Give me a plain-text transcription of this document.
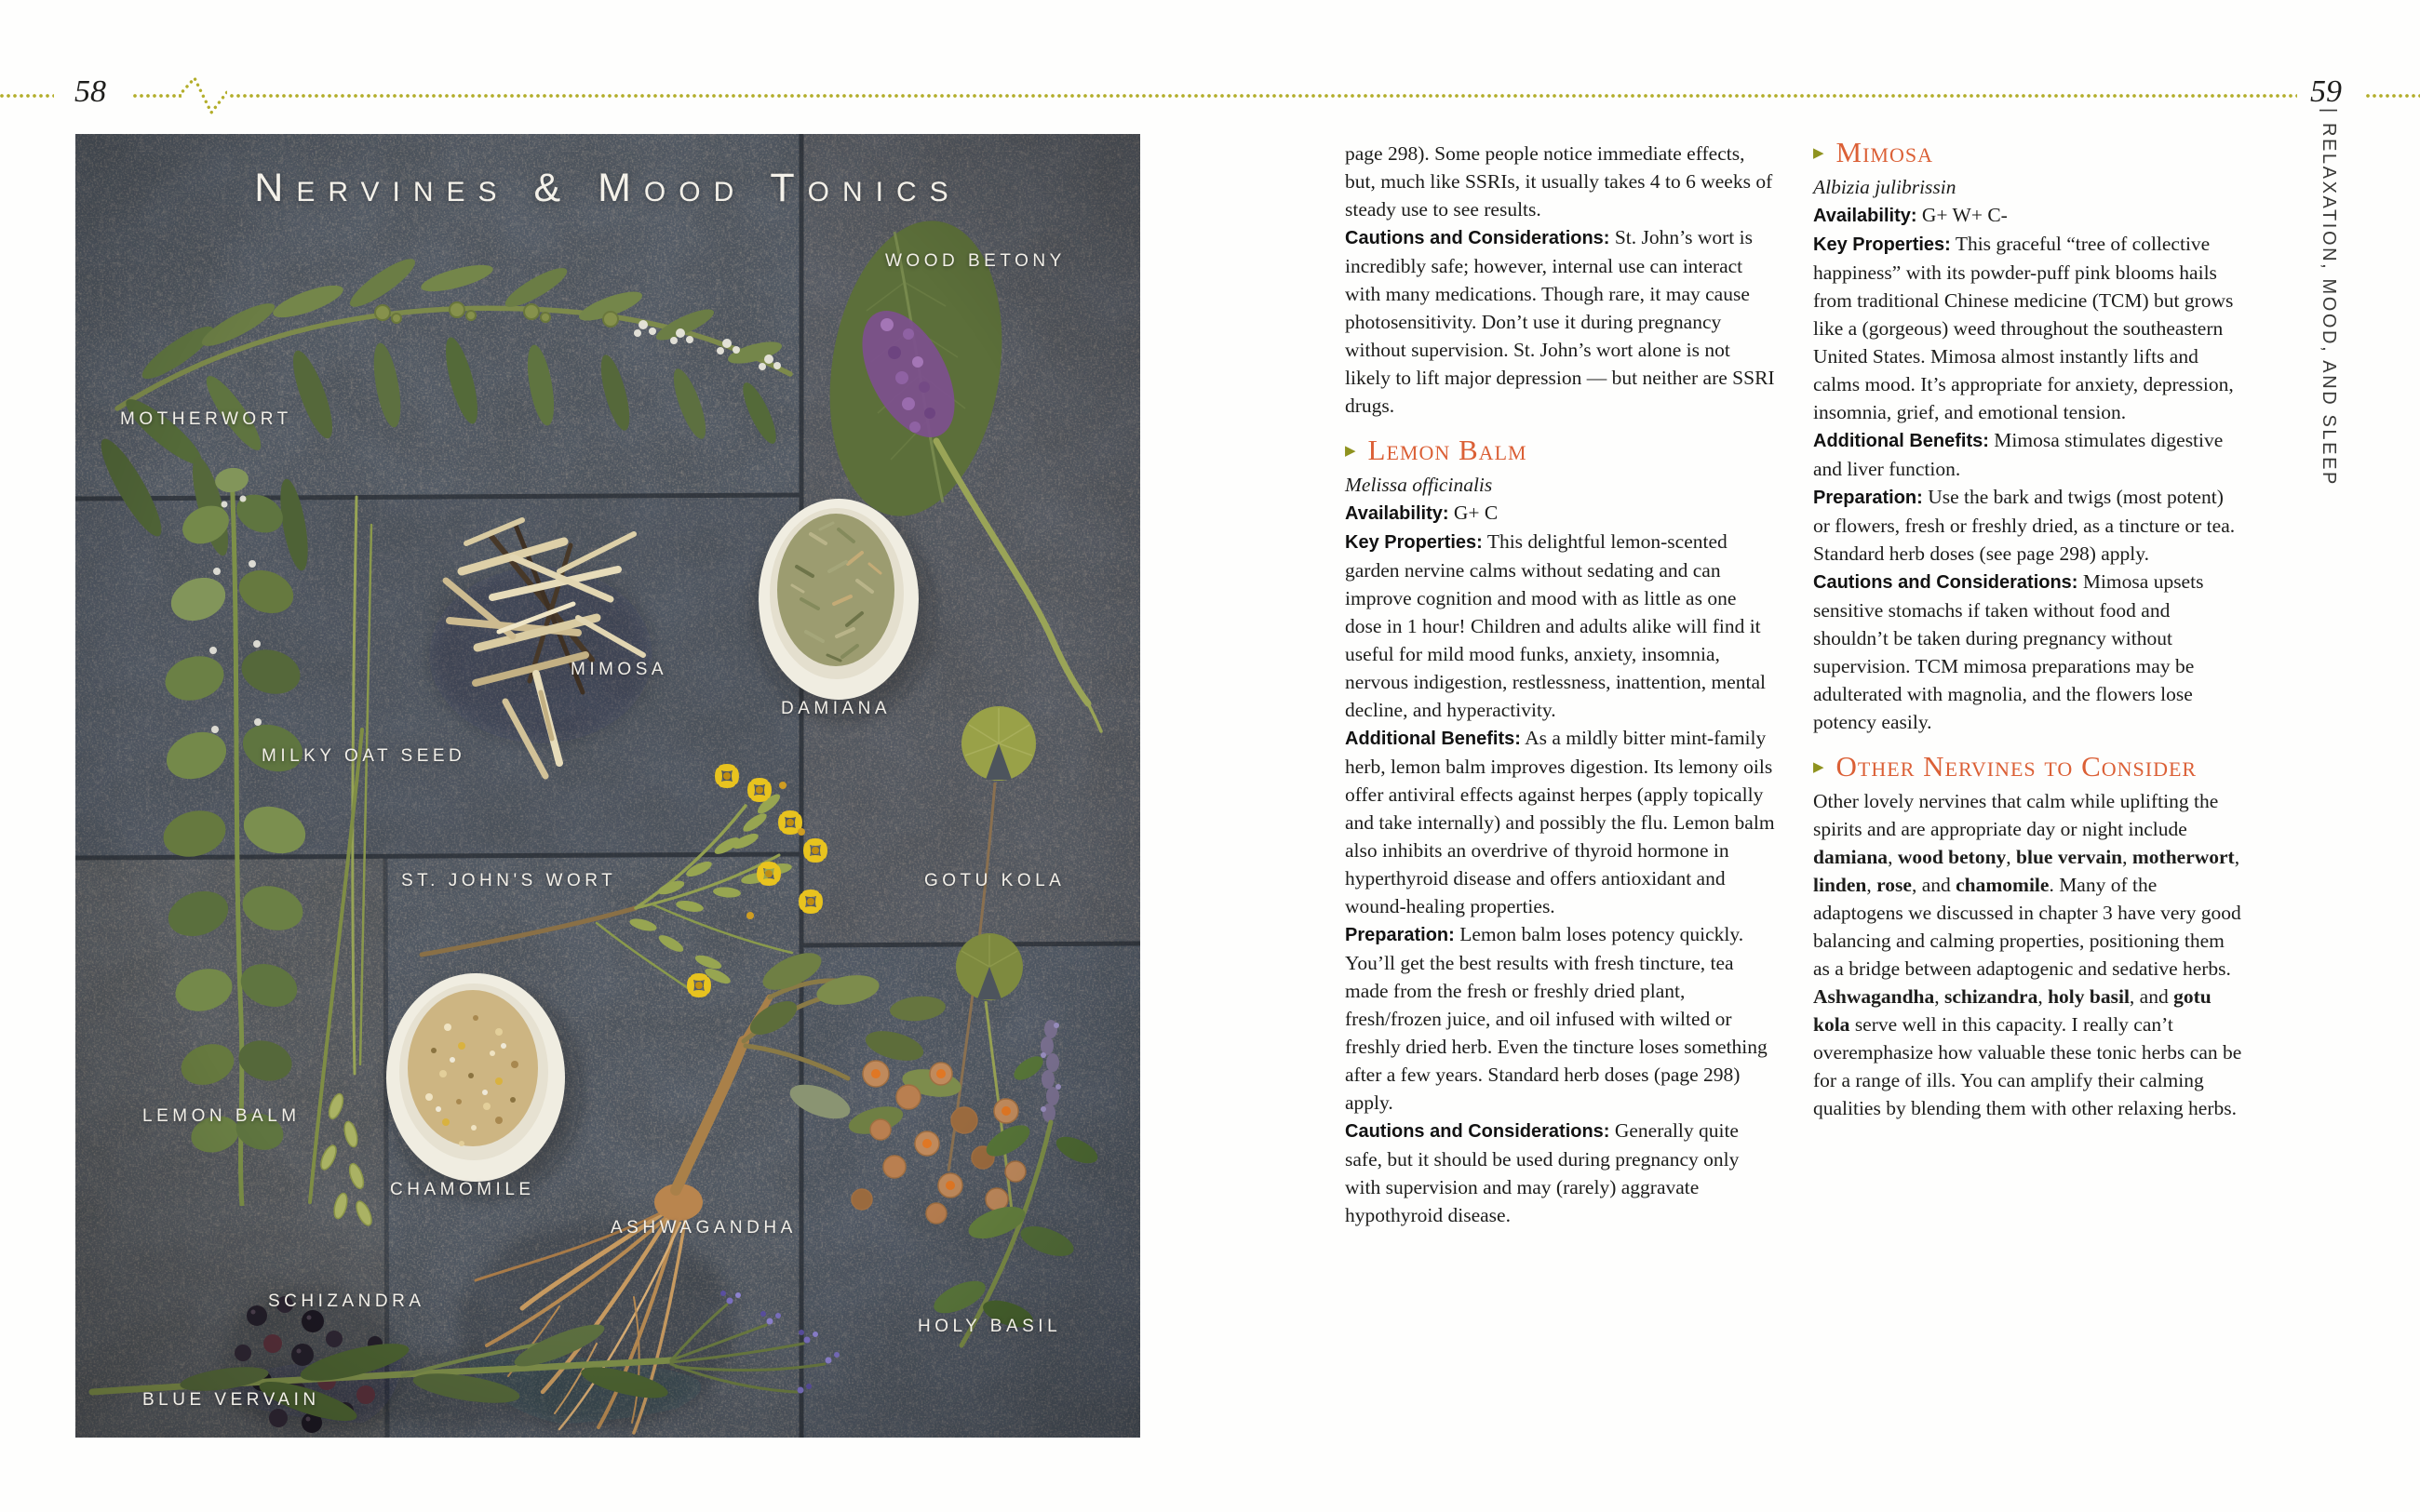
58	59
| RELAXATION, MOOD, AND SLEEP
Nervines & Mood Tonics
WOOD BETONY
MOTHERWORT
MIMOSA
DAMIANA
MILKY OAT SEED
ST. JOHN'S WORT	GOTU KOLA
LEMON BALM
CHAMOMILE
ASHWAGANDHA
SCHIZANDRA
HOLY BASIL
BLUE VERVAIN

page 298). Some people notice immediate effects, but, much like SSRIs, it usually takes 4 to 6 weeks of steady use to see results.

Cautions and Considerations: St. John’s wort is incredibly safe; however, internal use can interact with many medications. Though rare, it may cause photosensitivity. Don’t use it during pregnancy without supervision. St. John’s wort alone is not likely to lift major depression — but neither are SSRI drugs.

▶ Lemon Balm
Melissa officinalis

Availability: G+ C

Key Properties: This delightful lemon-scented garden nervine calms without sedating and can improve cognition and mood with as little as one dose in 1 hour! Children and adults alike will find it useful for mild mood funks, anxiety, insomnia, nervous indigestion, restlessness, inattention, mental decline, and hyperactivity.

Additional Benefits: As a mildly bitter mint-family herb, lemon balm improves digestion. Its lemony oils offer antiviral effects against herpes (apply topically and take internally) and possibly the flu. Lemon balm also inhibits an overdrive of thyroid hormone in hyperthyroid disease and offers antioxidant and wound-healing properties.

Preparation: Lemon balm loses potency quickly. You’ll get the best results with fresh tincture, tea made from the fresh or freshly dried plant, fresh/frozen juice, and oil infused with wilted or freshly dried herb. Even the tincture loses something after a few years. Standard herb doses (page 298) apply.

Cautions and Considerations: Generally quite safe, but it should be used during pregnancy only with supervision and may (rarely) aggravate hypothyroid disease.

▶ Mimosa
Albizia julibrissin

Availability: G+ W+ C-

Key Properties: This graceful “tree of collective happiness” with its powder-puff pink blooms hails from traditional Chinese medicine (TCM) but grows like a (gorgeous) weed throughout the southeastern United States. Mimosa almost instantly lifts and calms mood. It’s appropriate for anxiety, depression, insomnia, grief, and emotional tension.

Additional Benefits: Mimosa stimulates digestive and liver function.

Preparation: Use the bark and twigs (most potent) or flowers, fresh or freshly dried, as a tincture or tea. Standard herb doses (see page 298) apply.

Cautions and Considerations: Mimosa upsets sensitive stomachs if taken without food and shouldn’t be taken during pregnancy without supervision. TCM mimosa preparations may be adulterated with magnolia, and the flowers lose potency easily.

▶ Other Nervines to Consider

Other lovely nervines that calm while uplifting the spirits and are appropriate day or night include damiana, wood betony, blue vervain, motherwort, linden, rose, and chamomile. Many of the adaptogens we discussed in chapter 3 have very good balancing and calming properties, positioning them as a bridge between adaptogenic and sedative herbs. Ashwagandha, schizandra, holy basil, and gotu kola serve well in this capacity. I really can’t overemphasize how valuable these tonic herbs can be for a range of ills. You can amplify their calming qualities by blending them with other relaxing herbs.
